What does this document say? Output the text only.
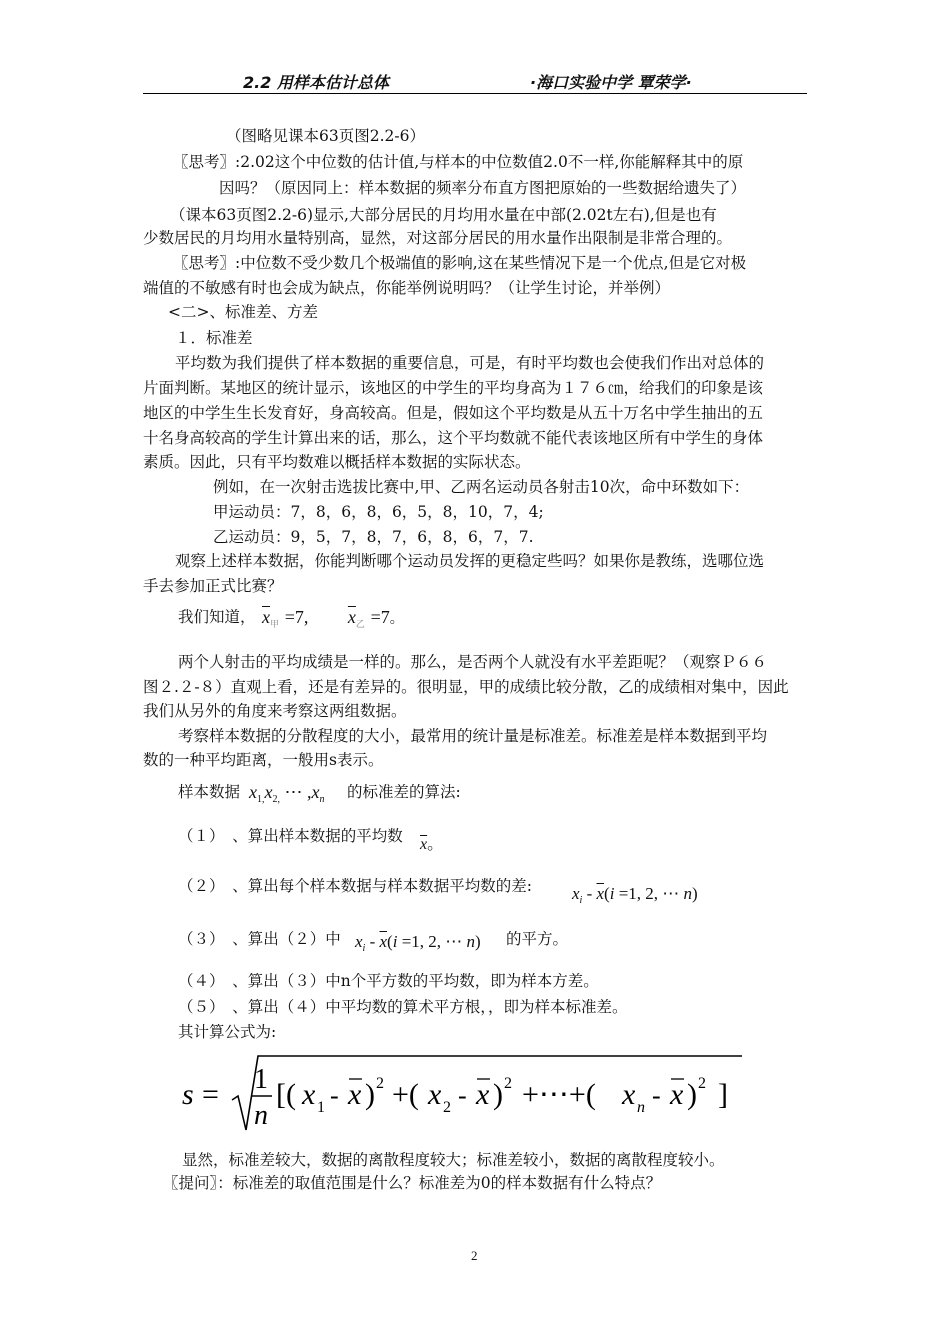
2.2 用样本估计总体	·海口实验中学 覃荣学·
（图略见课本63页图2.2-6）
〖思考〗:2.02这个中位数的估计值,与样本的中位数值2.0不一样,你能解释其中的原
因吗？（原因同上：样本数据的频率分布直方图把原始的一些数据给遗失了）
（课本63页图2.2-6)显示,大部分居民的月均用水量在中部(2.02t左右),但是也有
少数居民的月均用水量特别高，显然，对这部分居民的用水量作出限制是非常合理的。
〖思考〗:中位数不受少数几个极端值的影响,这在某些情况下是一个优点,但是它对极
端值的不敏感有时也会成为缺点，你能举例说明吗？（让学生讨论，并举例）
<二>、标准差、方差
１．标准差
平均数为我们提供了样本数据的重要信息，可是，有时平均数也会使我们作出对总体的
片面判断。某地区的统计显示，该地区的中学生的平均身高为１７６㎝，给我们的印象是该
地区的中学生生长发育好，身高较高。但是，假如这个平均数是从五十万名中学生抽出的五
十名身高较高的学生计算出来的话，那么，这个平均数就不能代表该地区所有中学生的身体
素质。因此，只有平均数难以概括样本数据的实际状态。
例如，在一次射击选拔比赛中,甲、乙两名运动员各射击10次，命中环数如下：
甲运动员：7，8，6，8，6，5，8，10，7，4;
乙运动员：9，5，7，8，7，6，8，6，7，7.
观察上述样本数据，你能判断哪个运动员发挥的更稳定些吗？如果你是教练，选哪位选
手去参加正式比赛？
我们知道， $\overline{x}_甲 =7$, $\overline{x}_乙 =7$。
两个人射击的平均成绩是一样的。那么，是否两个人就没有水平差距呢？（观察Ｐ６６
图２.２-８）直观上看，还是有差异的。很明显，甲的成绩比较分散，乙的成绩相对集中，因此
我们从另外的角度来考察这两组数据。
考察样本数据的分散程度的大小，最常用的统计量是标准差。标准差是样本数据到平均
数的一种平均距离，一般用s表示。
样本数据 $x_{1,}x_{2,}$ ⋯ $,x_n$ 的标准差的算法:
（１）　、算出样本数据的平均数 $\overline{x}$。
（２）　、算出每个样本数据与样本数据平均数的差: $x_i - \overline{x}(i =1$, 2, ⋯ n)
（３）　、算出（２）中 $x_i - \overline{x}(i =1$, 2, ⋯ n) 的平方。
（４）　、算出（３）中n个平方数的平均数，即为样本方差。
（５）　、算出（４）中平均数的算术平方根，，即为样本标准差。
其计算公式为:
s = 1
n
[( x 1 - x ) 2 +( x 2 - x ) 2 +⋯+( x n - x ) 2 ]
显然，标准差较大，数据的离散程度较大；标准差较小，数据的离散程度较小。
〖提问〗：标准差的取值范围是什么？标准差为0的样本数据有什么特点？
2
